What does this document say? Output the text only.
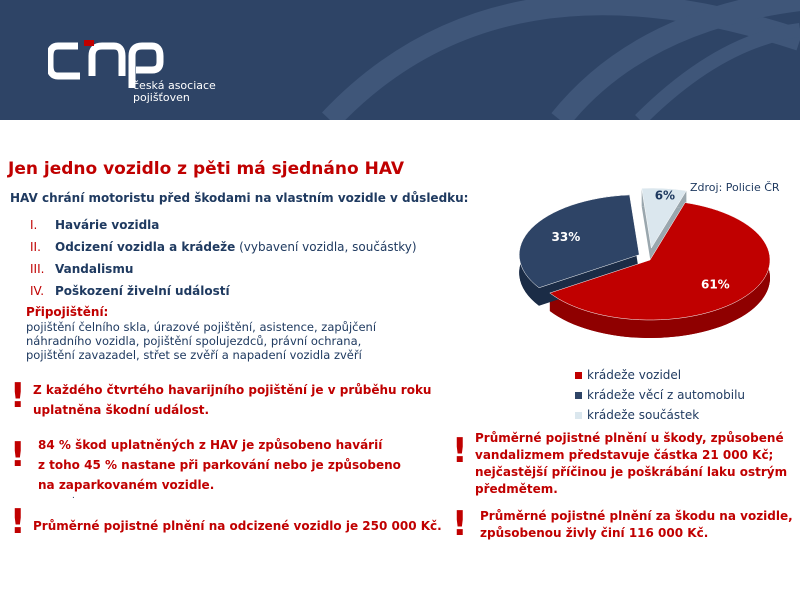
česká asociace
pojišťoven
Jen jedno vozidlo z pěti má sjednáno HAV
HAV chrání motoristu před škodami na vlastním vozidle v důsledku:
I.	Havárie vozidla
II.	Odcizení vozidla a krádeže (vybavení vozidla, součástky)
III. Vandalismu
IV. Poškození živelní událostí
Připojištění:
pojištění čelního skla, úrazové pojištění, asistence, zapůjčení náhradního vozidla, pojištění spolujezdců, právní ochrana, pojištění zavazadel, střet se zvěří a napadení vozidla zvěří
! Z každého čtvrtého havarijního pojištění je v průběhu roku
uplatněna škodní událost.
! 84 % škod uplatněných z HAV je způsobeno havárií
z toho 45 % nastane při parkování nebo je způsobeno
na zaparkovaném vozidle.
.
! Průměrné pojistné plnění na odcizené vozidlo je 250 000 Kč.
Zdroj: Policie ČR
61%
33%
6%
krádeže vozidel
krádeže věcí z automobilu
krádeže součástek
! Průměrné pojistné plnění u škody, způsobené
vandalizmem představuje částka 21 000 Kč;
nejčastější příčinou je poškrábání laku ostrým
předmětem.
! Průměrné pojistné plnění za škodu na vozidle,
způsobenou živly činí 116 000 Kč.
